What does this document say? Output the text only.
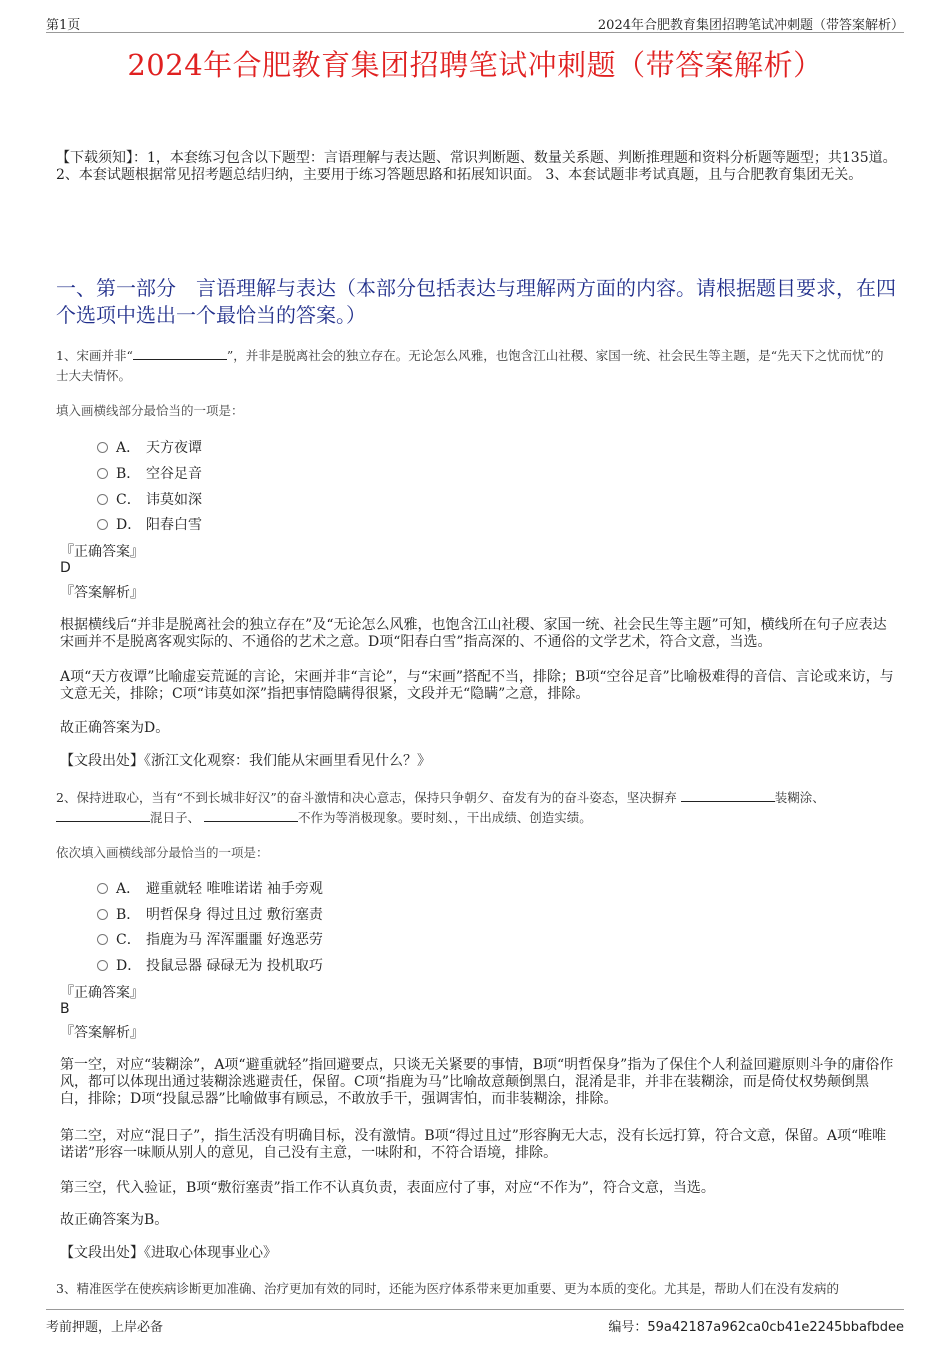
第1页	2024年合肥教育集团招聘笔试冲刺题（带答案解析）
2024年合肥教育集团招聘笔试冲刺题（带答案解析）
【下载须知】：1，本套练习包含以下题型：言语理解与表达题、常识判断题、数量关系题、判断推理题和资料分析题等题型；共135道。 2、本套试题根据常见招考题总结归纳，主要用于练习答题思路和拓展知识面。 3、本套试题非考试真题，且与合肥教育集团无关。
一、第一部分　言语理解与表达（本部分包括表达与理解两方面的内容。请根据题目要求，在四个选项中选出一个最恰当的答案。）
1、宋画并非“	”，并非是脱离社会的独立存在。无论怎么风雅，也饱含江山社稷、家国一统、社会民生等主题，是“先天下之忧而忧”的士大夫情怀。
填入画横线部分最恰当的一项是：
A． 天方夜谭
B． 空谷足音
C． 讳莫如深
D． 阳春白雪
『正确答案』
D
『答案解析』
根据横线后“并非是脱离社会的独立存在”及“无论怎么风雅，也饱含江山社稷、家国一统、社会民生等主题”可知，横线所在句子应表达宋画并不是脱离客观实际的、不通俗的艺术之意。D项“阳春白雪”指高深的、不通俗的文学艺术，符合文意，当选。
A项“天方夜谭”比喻虚妄荒诞的言论，宋画并非“言论”，与“宋画”搭配不当，排除；B项“空谷足音”比喻极难得的音信、言论或来访，与文意无关，排除；C项“讳莫如深”指把事情隐瞒得很紧，文段并无“隐瞒”之意，排除。
故正确答案为D。
【文段出处】《浙江文化观察：我们能从宋画里看见什么？》
2、保持进取心，当有“不到长城非好汉”的奋斗激情和决心意志，保持只争朝夕、奋发有为的奋斗姿态，坚决摒弃	装糊涂、混日子、	不作为等消极现象。要时刻、，干出成绩、创造实绩。
依次填入画横线部分最恰当的一项是：
A． 避重就轻 唯唯诺诺 袖手旁观
B． 明哲保身 得过且过 敷衍塞责
C． 指鹿为马 浑浑噩噩 好逸恶劳
D． 投鼠忌器 碌碌无为 投机取巧
『正确答案』
B
『答案解析』
第一空，对应“装糊涂”，A项“避重就轻”指回避要点，只谈无关紧要的事情，B项“明哲保身”指为了保住个人利益回避原则斗争的庸俗作风，都可以体现出通过装糊涂逃避责任，保留。C项“指鹿为马”比喻故意颠倒黑白，混淆是非，并非在装糊涂，而是倚仗权势颠倒黑白，排除；D项“投鼠忌器”比喻做事有顾忌，不敢放手干，强调害怕，而非装糊涂，排除。
第二空，对应“混日子”，指生活没有明确目标，没有激情。B项“得过且过”形容胸无大志，没有长远打算，符合文意，保留。A项“唯唯诺诺”形容一味顺从别人的意见，自己没有主意，一味附和，不符合语境，排除。
第三空，代入验证，B项“敷衍塞责”指工作不认真负责，表面应付了事，对应“不作为”，符合文意，当选。
故正确答案为B。
【文段出处】《进取心体现事业心》
3、精准医学在使疾病诊断更加准确、治疗更加有效的同时，还能为医疗体系带来更加重要、更为本质的变化。尤其是，帮助人们在没有发病的
考前押题，上岸必备	编号：59a42187a962ca0cb41e2245bbafbdee
